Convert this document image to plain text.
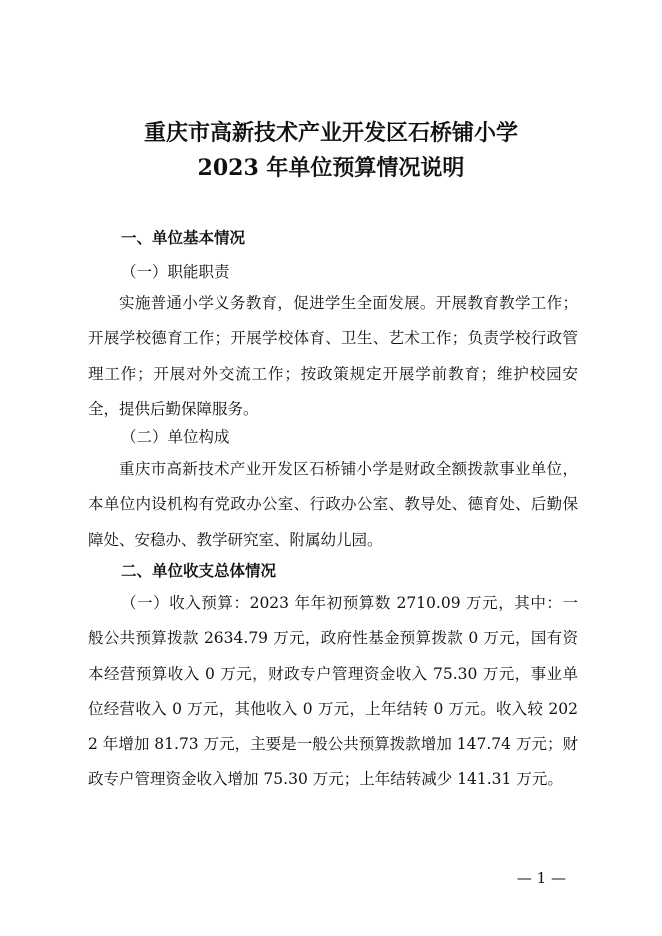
重庆市高新技术产业开发区石桥铺小学
2023 年单位预算情况说明
一、单位基本情况
（一）职能职责
实施普通小学义务教育，促进学生全面发展。开展教育教学工作；开展学校德育工作；开展学校体育、卫生、艺术工作；负责学校行政管理工作；开展对外交流工作；按政策规定开展学前教育；维护校园安全，提供后勤保障服务。
（二）单位构成
重庆市高新技术产业开发区石桥铺小学是财政全额拨款事业单位，本单位内设机构有党政办公室、行政办公室、教导处、德育处、后勤保障处、安稳办、教学研究室、附属幼儿园。
二、单位收支总体情况
（一）收入预算：2023 年年初预算数 2710.09 万元，其中：一般公共预算拨款 2634.79 万元，政府性基金预算拨款 0 万元，国有资本经营预算收入 0 万元，财政专户管理资金收入 75.30 万元，事业单位经营收入 0 万元，其他收入 0 万元，上年结转 0 万元。收入较 2022 年增加 81.73 万元，主要是一般公共预算拨款增加 147.74 万元；财政专户管理资金收入增加 75.30 万元；上年结转减少 141.31 万元。
— 1 —
